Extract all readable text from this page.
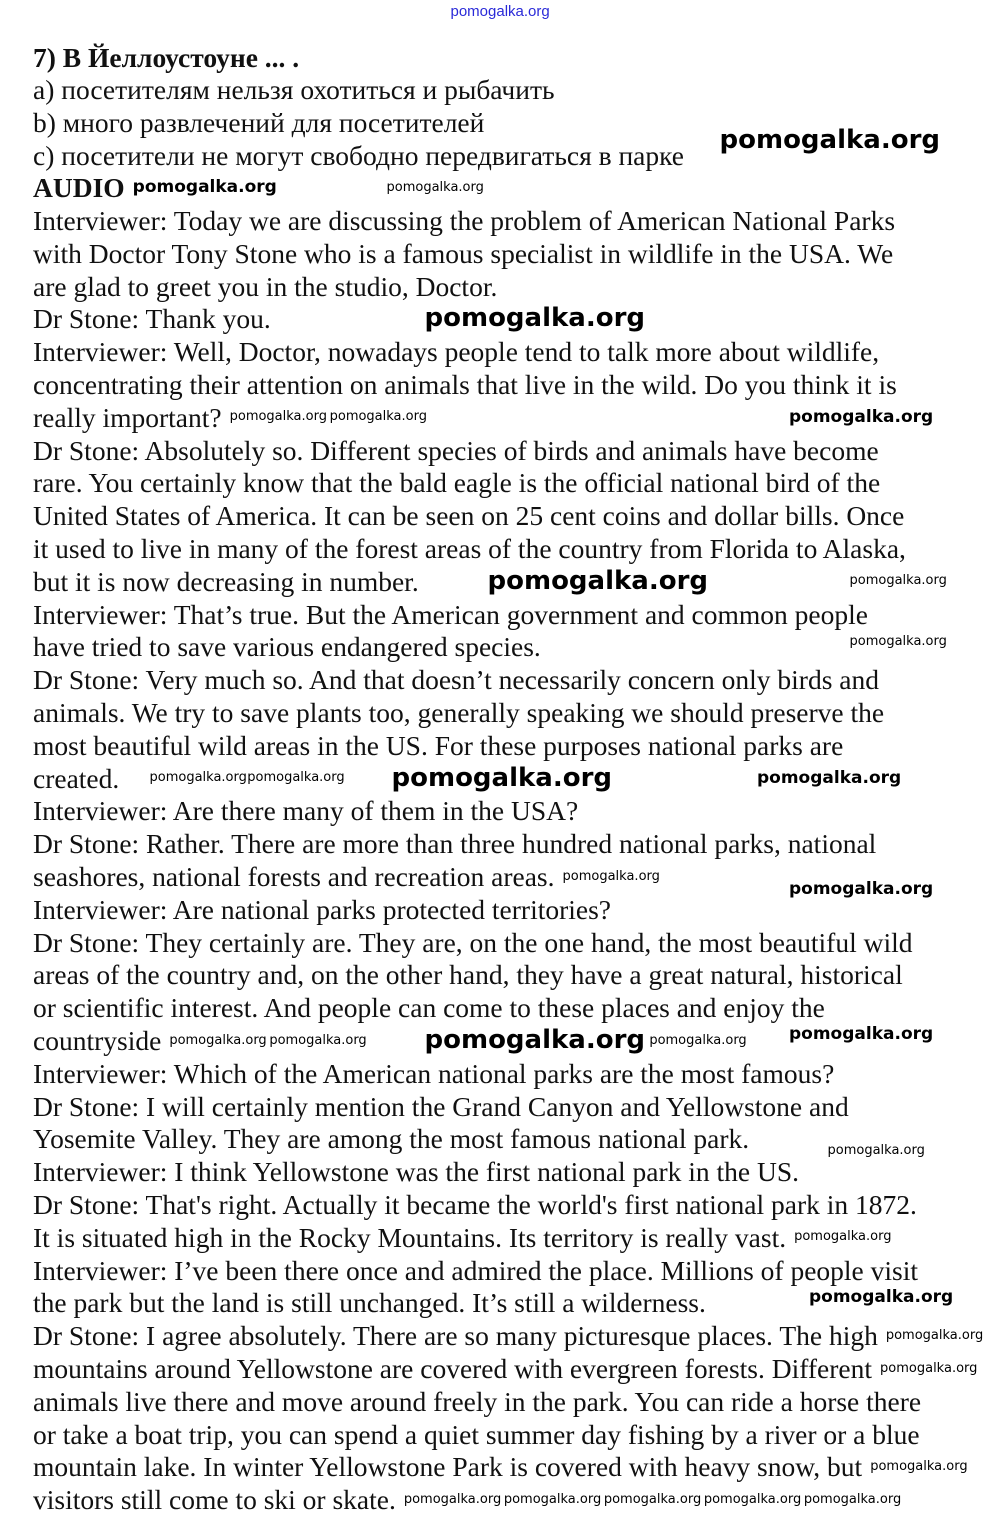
7) В Йеллоустоуне ... .
a) посетителям нельзя охотиться и рыбачить
b) много развлечений для посетителей
c) посетители не могут свободно передвигаться в парке
AUDIO
Interviewer: Today we are discussing the problem of American National Parks
with Doctor Tony Stone who is a famous specialist in wildlife in the USA. We
are glad to greet you in the studio, Doctor.
Dr Stone: Thank you.
Interviewer: Well, Doctor, nowadays people tend to talk more about wildlife,
concentrating their attention on animals that live in the wild. Do you think it is
really important?
Dr Stone: Absolutely so. Different species of birds and animals have become
rare. You certainly know that the bald eagle is the official national bird of the
United States of America. It can be seen on 25 cent coins and dollar bills. Once
it used to live in many of the forest areas of the country from Florida to Alaska,
but it is now decreasing in number.
Interviewer: That’s true. But the American government and common people
have tried to save various endangered species.
Dr Stone: Very much so. And that doesn’t necessarily concern only birds and
animals. We try to save plants too, generally speaking we should preserve the
most beautiful wild areas in the US. For these purposes national parks are
created.
Interviewer: Are there many of them in the USA?
Dr Stone: Rather. There are more than three hundred national parks, national
seashores, national forests and recreation areas.
Interviewer: Are national parks protected territories?
Dr Stone: They certainly are. They are, on the one hand, the most beautiful wild
areas of the country and, on the other hand, they have a great natural, historical
or scientific interest. And people can come to these places and enjoy the
countryside
Interviewer: Which of the American national parks are the most famous?
Dr Stone: I will certainly mention the Grand Canyon and Yellowstone and
Yosemite Valley. They are among the most famous national park.
Interviewer: I think Yellowstone was the first national park in the US.
Dr Stone: That's right. Actually it became the world's first national park in 1872.
It is situated high in the Rocky Mountains. Its territory is really vast.
Interviewer: I’ve been there once and admired the place. Millions of people visit
the park but the land is still unchanged. It’s still a wilderness.
Dr Stone: I agree absolutely. There are so many picturesque places. The high
mountains around Yellowstone are covered with evergreen forests. Different
animals live there and move around freely in the park. You can ride a horse there
or take a boat trip, you can spend a quiet summer day fishing by a river or a blue
mountain lake. In winter Yellowstone Park is covered with heavy snow, but
visitors still come to ski or skate.
pomogalka.org
pomogalka.org
pomogalka.org
pomogalka.org
pomogalka.org
pomogalka.org
pomogalka.org
pomogalka.org
pomogalka.org
pomogalka.org
pomogalka.org
pomogalka.org
pomogalka.org
pomogalka.org
pomogalka.org pomogalka.org
pomogalka.org
pomogalka.org
pomogalka.org pomogalka.org
pomogalka.org pomogalka.org
pomogalka.org
pomogalka.org
pomogalka.org pomogalka.org
pomogalka.org
pomogalka.org
pomogalka.org
pomogalka.org
pomogalka.org
pomogalka.org
pomogalka.org
